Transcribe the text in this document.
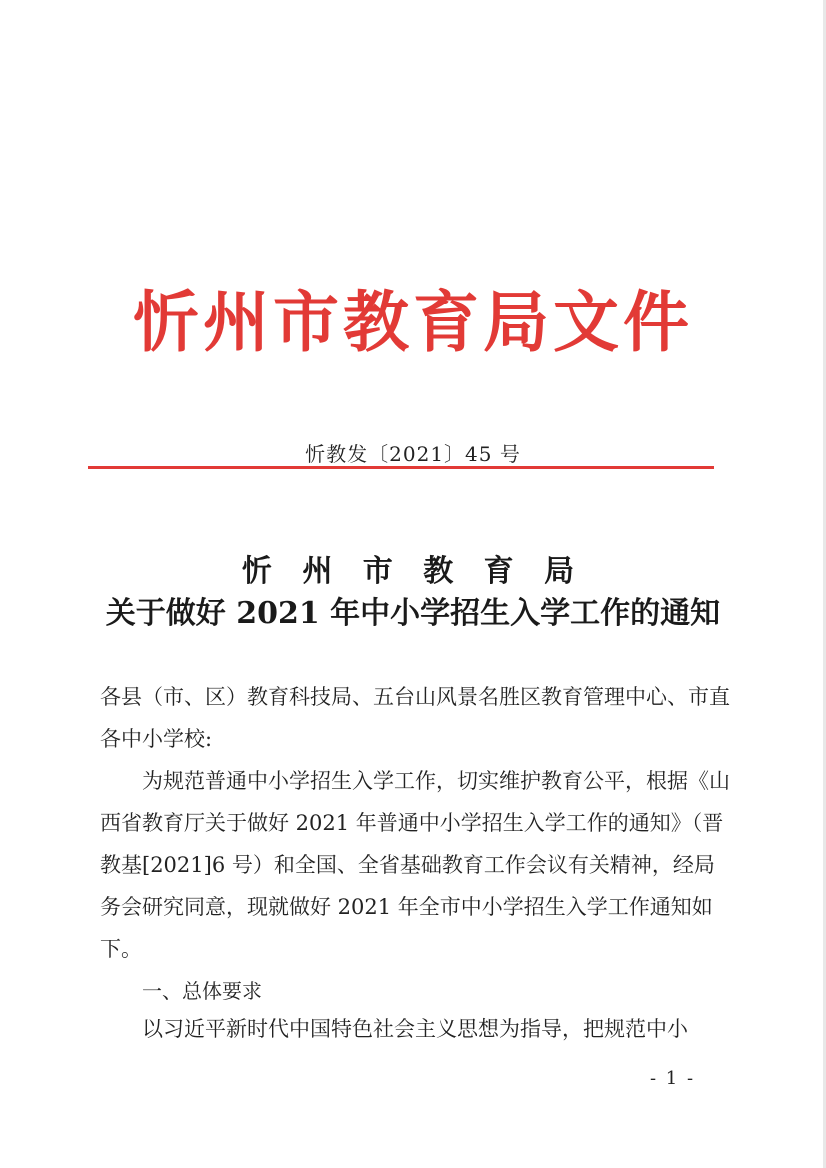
忻州市教育局文件
忻教发〔2021〕45 号
忻 州 市 教 育 局
关于做好 2021 年中小学招生入学工作的通知
各县（市、区）教育科技局、五台山风景名胜区教育管理中心、市直各中小学校:
为规范普通中小学招生入学工作，切实维护教育公平，根据《山西省教育厅关于做好 2021 年普通中小学招生入学工作的通知》（晋教基[2021]6 号）和全国、全省基础教育工作会议有关精神，经局务会研究同意，现就做好 2021 年全市中小学招生入学工作通知如下。
一、总体要求
以习近平新时代中国特色社会主义思想为指导，把规范中小
- 1 -
